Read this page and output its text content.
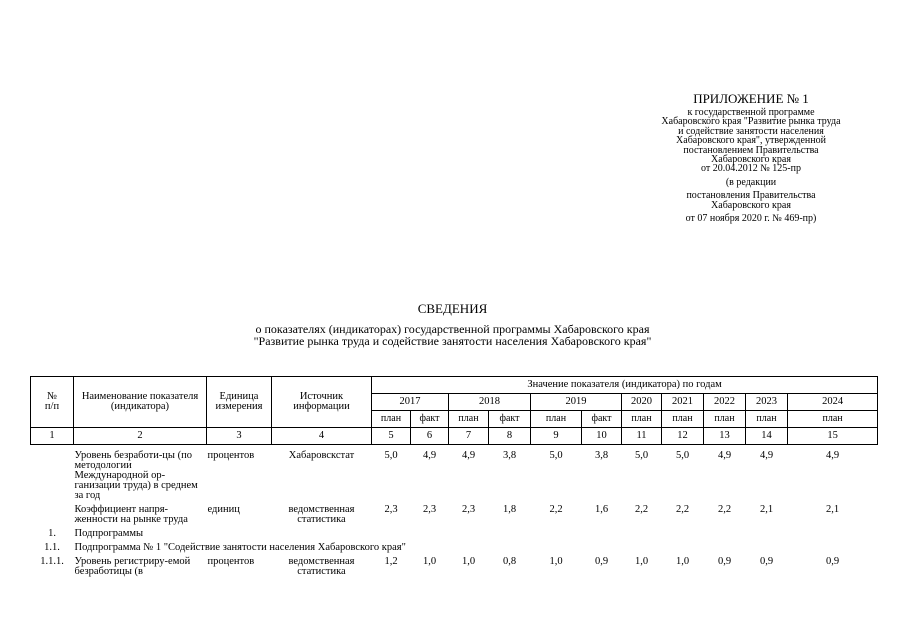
ПРИЛОЖЕНИЕ № 1
к государственной программе
Хабаровского края "Развитие рынка труда
и содействие занятости населения
Хабаровского края", утвержденной
постановлением Правительства
Хабаровского края
от 20.04.2012 № 125-пр
(в редакции
постановления Правительства
Хабаровского края
от 07 ноября 2020 г. № 469-пр)
СВЕДЕНИЯ
о показателях (индикаторах) государственной программы Хабаровского края
"Развитие рынка труда и содействие занятости населения Хабаровского края"
№
п/п	Наименование показателя (индикатора)	Единица измерения	Источник информации	Значение показателя (индикатора) по годам										
				2017		2018		2019		2020	2021	2022	2023	2024
				план	факт	план	факт	план	факт	план	план	план	план	план
1	2	3	4	5	6	7	8	9	10	11	12	13	14	15
	Уровень безработи-цы (по методологии Международной ор-ганизации труда) в среднем за год	процентов	Хабаровскстат	5,0	4,9	4,9	3,8	5,0	3,8	5,0	5,0	4,9	4,9	4,9
	Коэффициент напря-женности на рынке труда	единиц	ведомственная статистика	2,3	2,3	2,3	1,8	2,2	1,6	2,2	2,2	2,2	2,1	2,1
1.	Подпрограммы													
1.1.	Подпрограмма № 1 "Содействие занятости населения Хабаровского края"													
1.1.1.	Уровень регистриру-емой безработицы (в	процентов	ведомственная статистика	1,2	1,0	1,0	0,8	1,0	0,9	1,0	1,0	0,9	0,9	0,9
